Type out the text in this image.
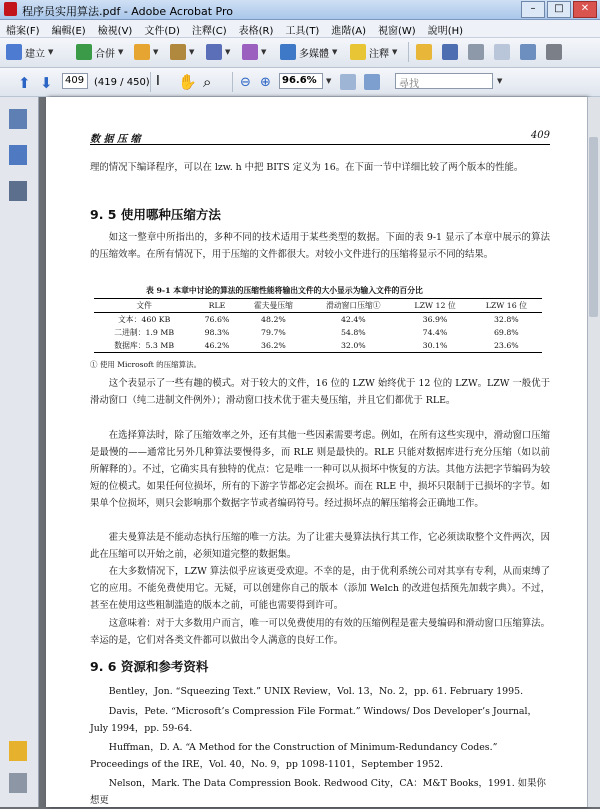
程序员实用算法.pdf - Adobe Acrobat Pro	–	□	✕
檔案(F)	編輯(E)	檢視(V)	文件(D)	注釋(C)	表格(R)	工具(T)	進階(A)	視窗(W)	說明(H)
建立 ▼	合併 ▼	▼	▼	▼	▼	多媒體 ▼	注釋 ▼
⬆ ⬇	(419 / 450) I ✋ ⌕ ⊖ ⊕	▼	▼
409	96.6%	尋找
数 据 压 缩	409
理的情况下编译程序，可以在 lzw. h 中把 BITS 定义为 16。在下面一节中详细比较了两个版本的性能。
9. 5 使用哪种压缩方法
如这一整章中所指出的，多种不同的技术适用于某些类型的数据。下面的表 9-1 显示了本章中展示的算法的压缩效率。在所有情况下，用于压缩的文件都很大。对较小文件进行的压缩将显示不同的结果。
表 9-1 本章中讨论的算法的压缩性能将输出文件的大小显示为输入文件的百分比
文件	RLE	霍夫曼压缩	滑动窗口压缩①	LZW 12 位	LZW 16 位
文本：460 KB	76.6%	48.2%	42.4%	36.9%	32.8%
二进制：1.9 MB	98.3%	79.7%	54.8%	74.4%	69.8%
数据库：5.3 MB	46.2%	36.2%	32.0%	30.1%	23.6%
① 使用 Microsoft 的压缩算法。
这个表显示了一些有趣的模式。对于较大的文件，16 位的 LZW 始终优于 12 位的 LZW。LZW 一般优于滑动窗口（纯二进制文件例外）；滑动窗口技术优于霍夫曼压缩，并且它们都优于 RLE。
在选择算法时，除了压缩效率之外，还有其他一些因素需要考虑。例如，在所有这些实现中，滑动窗口压缩是最慢的——通常比另外几种算法要慢得多，而 RLE 则是最快的。RLE 只能对数据库进行充分压缩（如以前所解释的）。不过，它确实具有独特的优点：它是唯一一种可以从损坏中恢复的方法。其他方法把字节编码为较短的位模式。如果任何位损坏，所有的下游字节都必定会损坏。而在 RLE 中，损坏只限制于已损坏的字节。如果单个位损坏，则只会影响那个数据字节或者编码符号。经过损坏点的解压缩将会正确地工作。
霍夫曼算法是不能动态执行压缩的唯一方法。为了让霍夫曼算法执行其工作，它必须读取整个文件两次，因此在压缩可以开始之前，必须知道完整的数据集。
在大多数情况下，LZW 算法似乎应该更受欢迎。不幸的是，由于优利系统公司对其享有专利，从而束缚了它的应用。不能免费使用它。无疑，可以创建你自己的版本（添加 Welch 的改进包括预先加载字典）。不过，甚至在使用这些粗制滥造的版本之前，可能也需要得到许可。
这意味着：对于大多数用户而言，唯一可以免费使用的有效的压缩例程是霍夫曼编码和滑动窗口压缩算法。幸运的是，它们对各类文件都可以做出令人满意的良好工作。
9. 6 资源和参考资料
Bentley，Jon. “Squeezing Text.” UNIX Review，Vol. 13，No. 2，pp. 61. February 1995.
Davis，Pete. “Microsoft’s Compression File Format.” Windows/ Dos Developer’s Journal，July 1994，pp. 59-64.
Huffman，D. A. “A Method for the Construction of Minimum-Redundancy Codes.” Proceedings of the IRE，Vol. 40，No. 9，pp 1098-1101，September 1952.
Nelson，Mark. The Data Compression Book. Redwood City，CA：M&T Books，1991. 如果你想更
